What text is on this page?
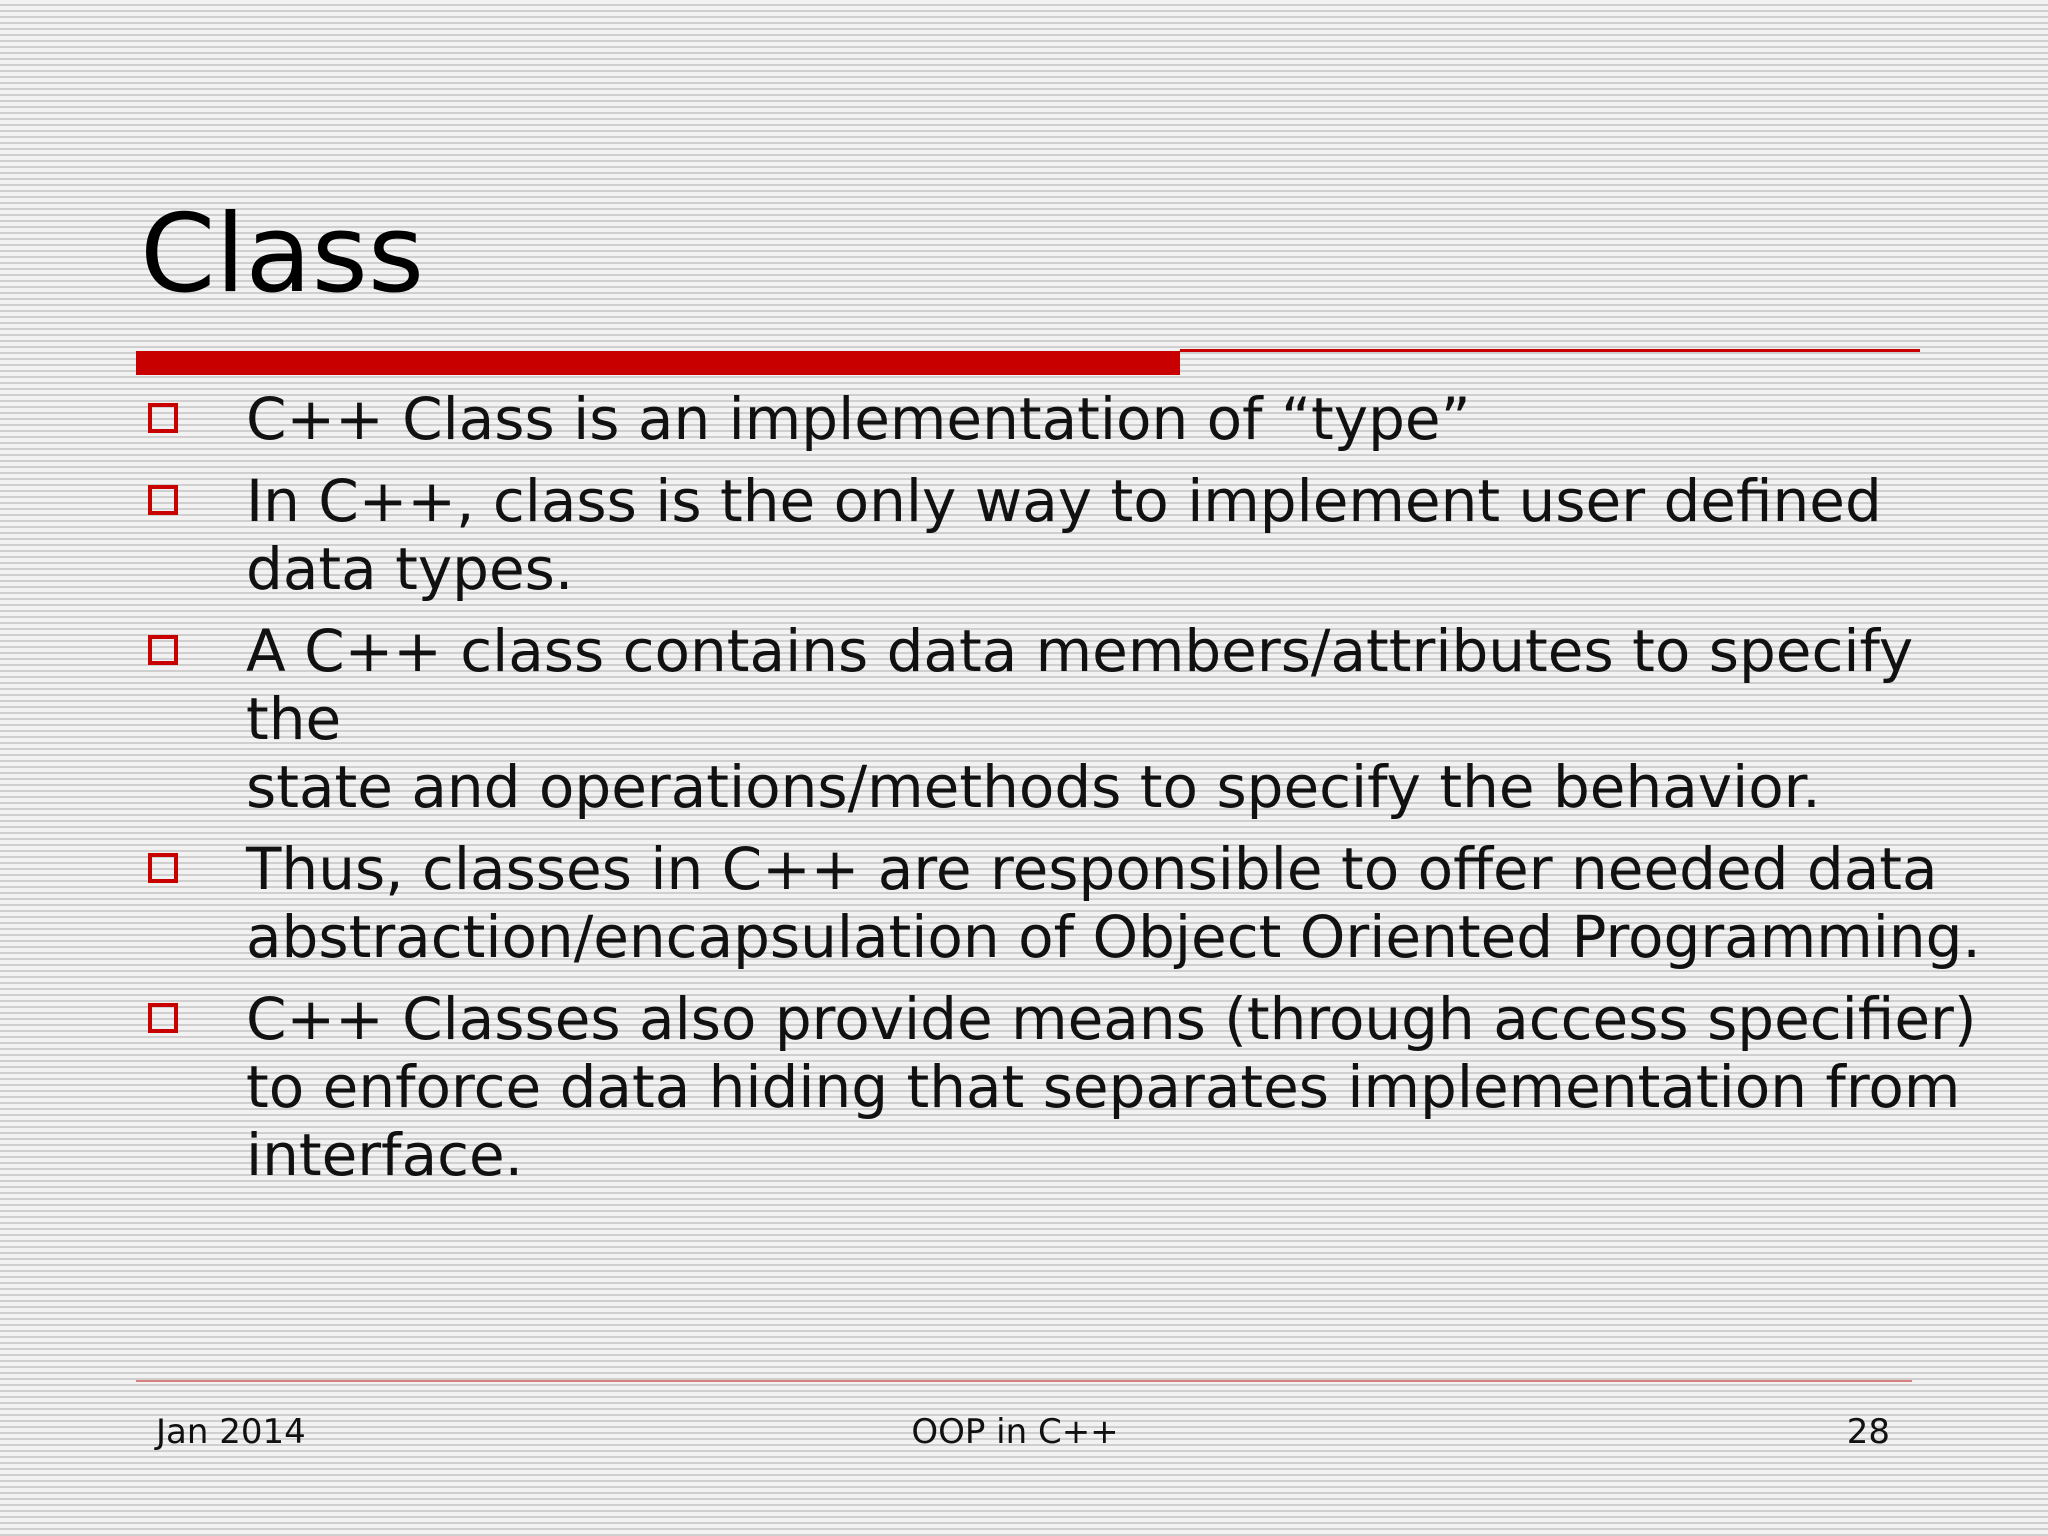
Class
C++ Class is an implementation of “type”
In C++, class is the only way to implement user defined
data types.
A C++ class contains data members/attributes to specify the
state and operations/methods to specify the behavior.
Thus, classes in C++ are responsible to offer needed data
abstraction/encapsulation of Object Oriented Programming.
C++ Classes also provide means (through access specifier)
to enforce data hiding that separates implementation from
interface.
Jan 2014	OOP in C++	28
